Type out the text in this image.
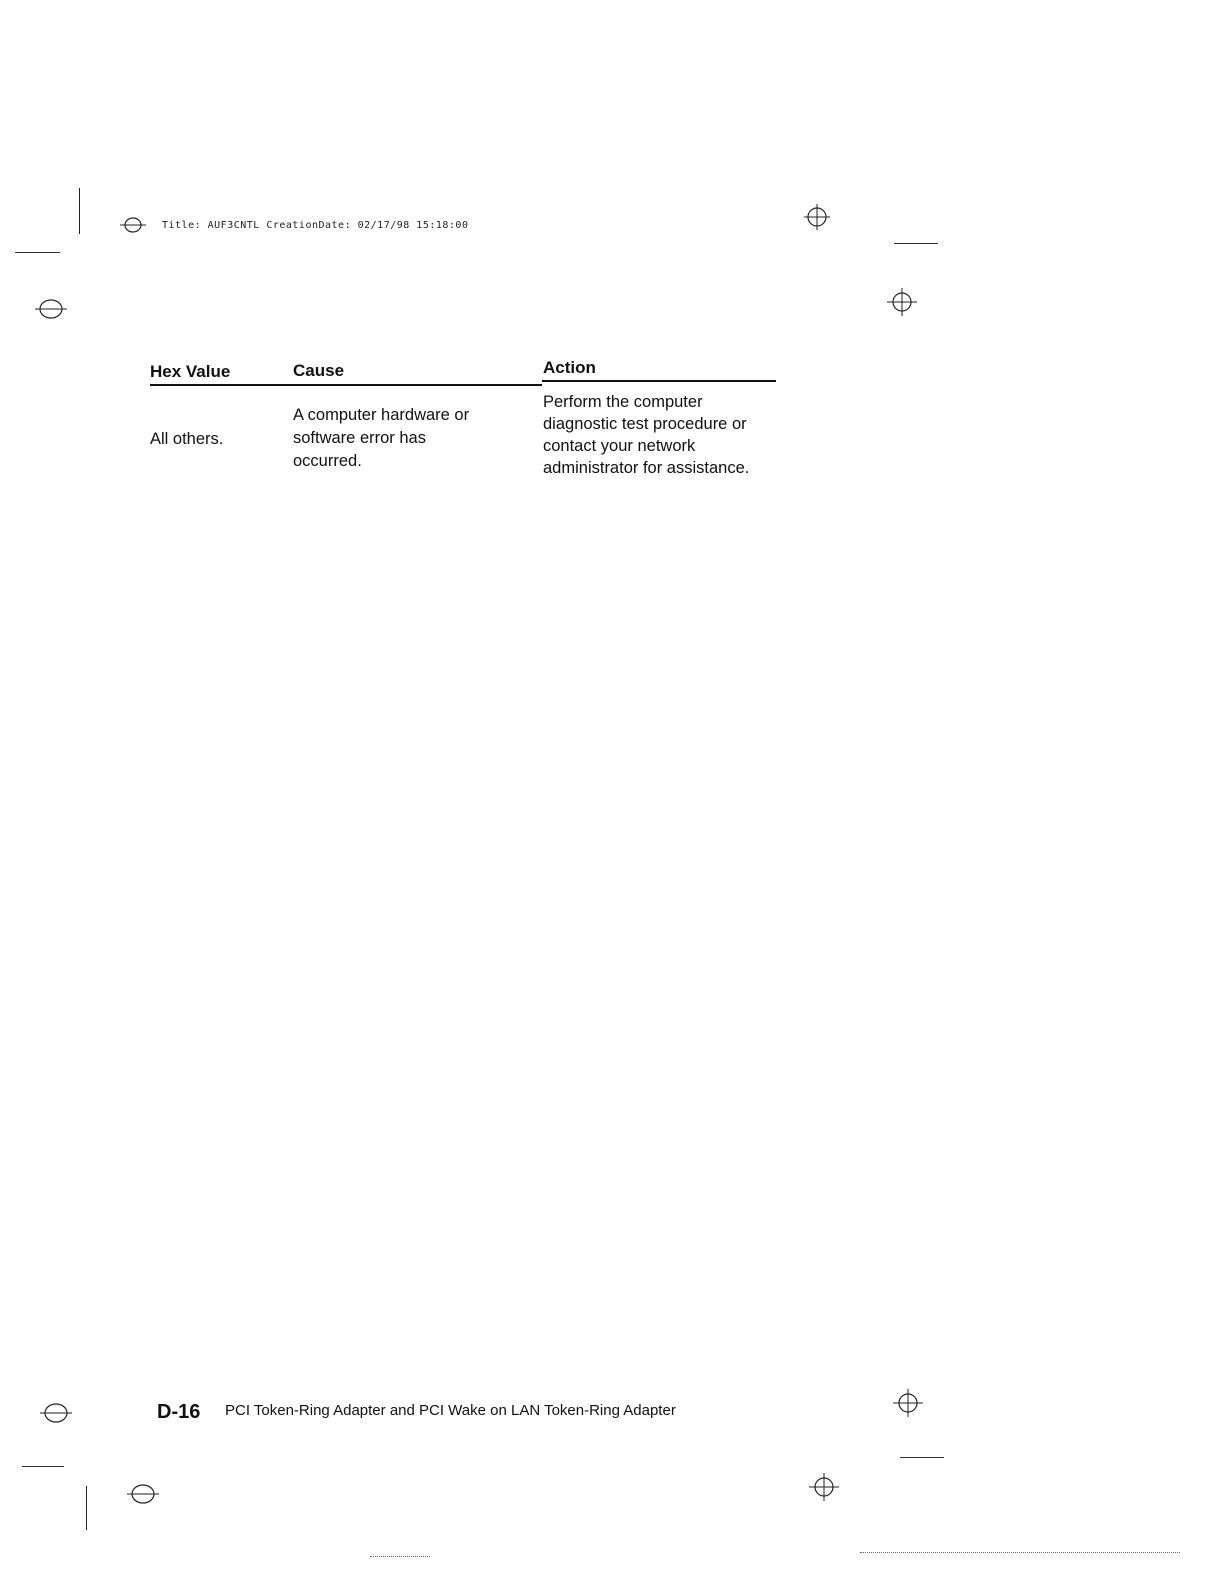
Title: AUF3CNTL CreationDate: 02/17/98 15:18:00
Hex Value	Cause	Action
All others.
A computer hardware or
software error has
occurred.
Perform the computer
diagnostic test procedure or
contact your network
administrator for assistance.
D-16 PCI Token-Ring Adapter and PCI Wake on LAN Token-Ring Adapter
